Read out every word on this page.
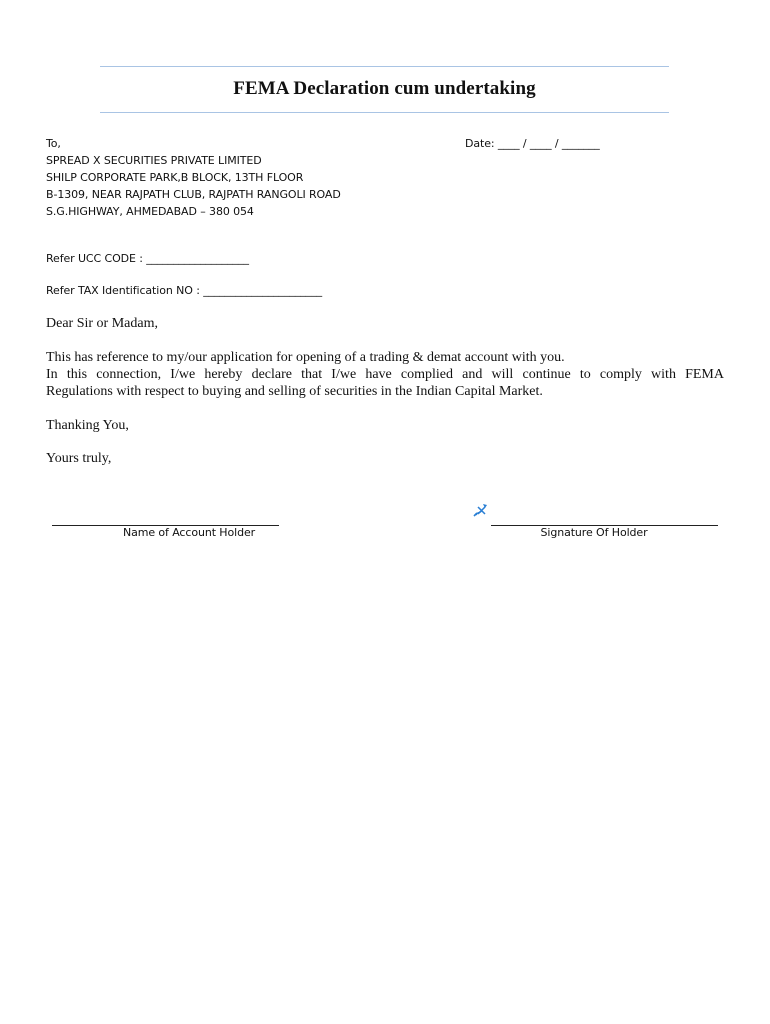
FEMA Declaration cum undertaking
To,
SPREAD X SECURITIES PRIVATE LIMITED
SHILP CORPORATE PARK,B BLOCK, 13TH FLOOR
B-1309, NEAR RAJPATH CLUB, RAJPATH RANGOLI ROAD
S.G.HIGHWAY, AHMEDABAD – 380 054
Date: ____ / ____ / _______
Refer UCC CODE : ___________________
Refer TAX Identification NO : ______________________
Dear Sir or Madam,
This has reference to my/our application for opening of a trading & demat account with you.
In this connection, I/we hereby declare that I/we have complied and will continue to comply with FEMA
Regulations with respect to buying and selling of securities in the Indian Capital Market.
Thanking You,
Yours truly,
Name of Account Holder	Signature Of Holder
